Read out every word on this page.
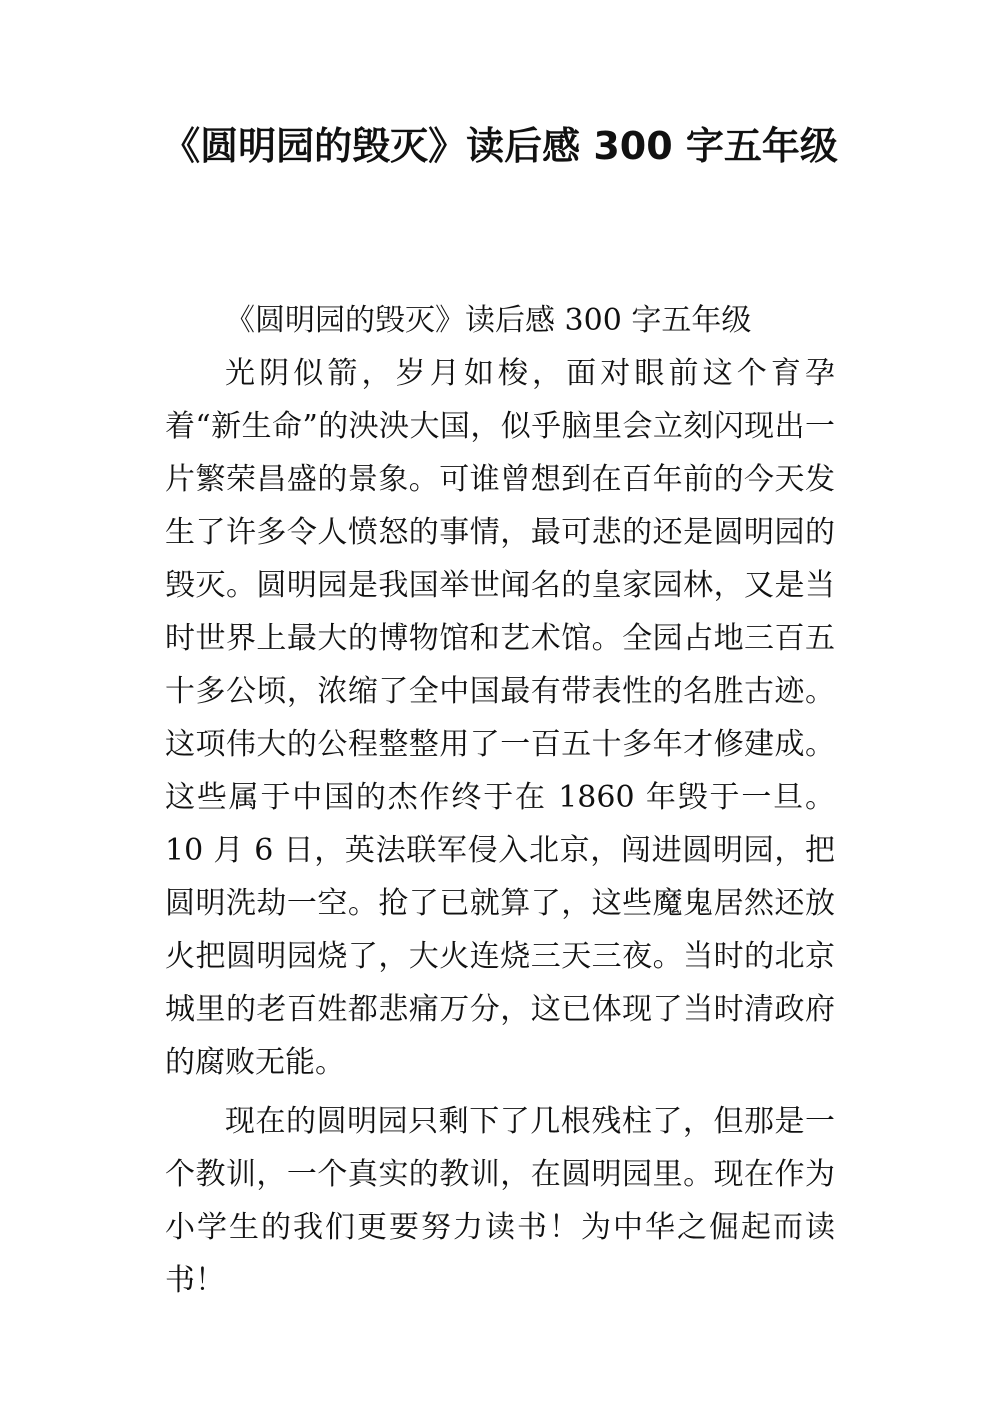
《圆明园的毁灭》读后感 300 字五年级

《圆明园的毁灭》读后感 300 字五年级

光阴似箭，岁月如梭，面对眼前这个育孕着“新生命”的泱泱大国，似乎脑里会立刻闪现出一片繁荣昌盛的景象。可谁曾想到在百年前的今天发生了许多令人愤怒的事情，最可悲的还是圆明园的毁灭。圆明园是我国举世闻名的皇家园林，又是当时世界上最大的博物馆和艺术馆。全园占地三百五十多公顷，浓缩了全中国最有带表性的名胜古迹。这项伟大的公程整整用了一百五十多年才修建成。这些属于中国的杰作终于在 1860 年毁于一旦。10 月 6 日，英法联军侵入北京，闯进圆明园，把圆明洗劫一空。抢了已就算了，这些魔鬼居然还放火把圆明园烧了，大火连烧三天三夜。当时的北京城里的老百姓都悲痛万分，这已体现了当时清政府的腐败无能。

现在的圆明园只剩下了几根残柱了，但那是一个教训，一个真实的教训，在圆明园里。现在作为小学生的我们更要努力读书！为中华之倔起而读书！
